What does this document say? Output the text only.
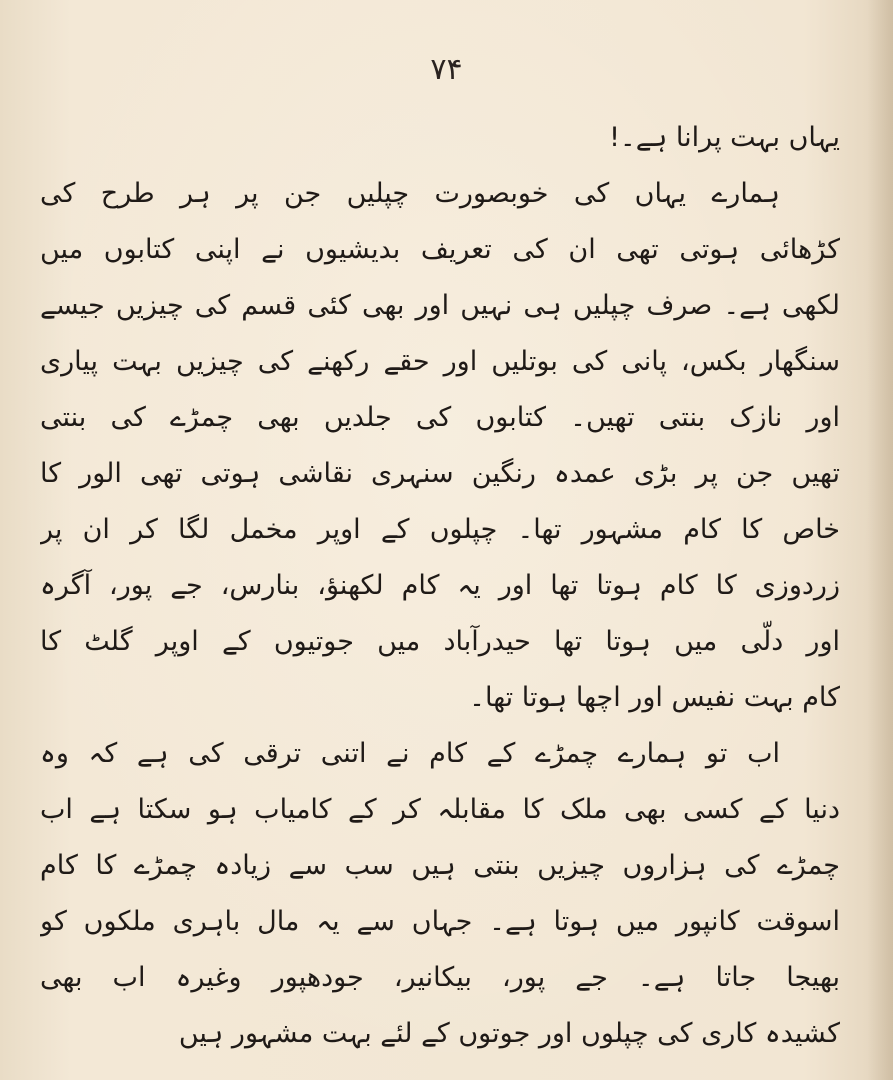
۷۴
یہاں بہت پرانا ہے۔!
ہمارے یہاں کی خوبصورت چپلیں جن پر ہر طرح کی
کڑھائی ہوتی تھی ان کی تعریف بدیشیوں نے اپنی کتابوں میں
لکھی ہے۔ صرف چپلیں ہی نہیں اور بھی کئی قسم کی چیزیں جیسے
سنگھار بکس، پانی کی بوتلیں اور حقے رکھنے کی چیزیں بہت پیاری
اور نازک بنتی تھیں۔ کتابوں کی جلدیں بھی چمڑے کی بنتی
تھیں جن پر بڑی عمدہ رنگین سنہری نقاشی ہوتی تھی الور کا
خاص کا کام مشہور تھا۔ چپلوں کے اوپر مخمل لگا کر ان پر
زردوزی کا کام ہوتا تھا اور یہ کام لکھنؤ، بنارس، جے پور، آگرہ
اور دلّی میں ہوتا تھا حیدرآباد میں جوتیوں کے اوپر گلٹ کا
کام بہت نفیس اور اچھا ہوتا تھا۔
اب تو ہمارے چمڑے کے کام نے اتنی ترقی کی ہے کہ وہ
دنیا کے کسی بھی ملک کا مقابلہ کر کے کامیاب ہو سکتا ہے اب
چمڑے کی ہزاروں چیزیں بنتی ہیں سب سے زیادہ چمڑے کا کام
اسوقت کانپور میں ہوتا ہے۔ جہاں سے یہ مال باہری ملکوں کو
بھیجا جاتا ہے۔ جے پور، بیکانیر، جودھپور وغیرہ اب بھی
کشیدہ کاری کی چپلوں اور جوتوں کے لئے بہت مشہور ہیں
